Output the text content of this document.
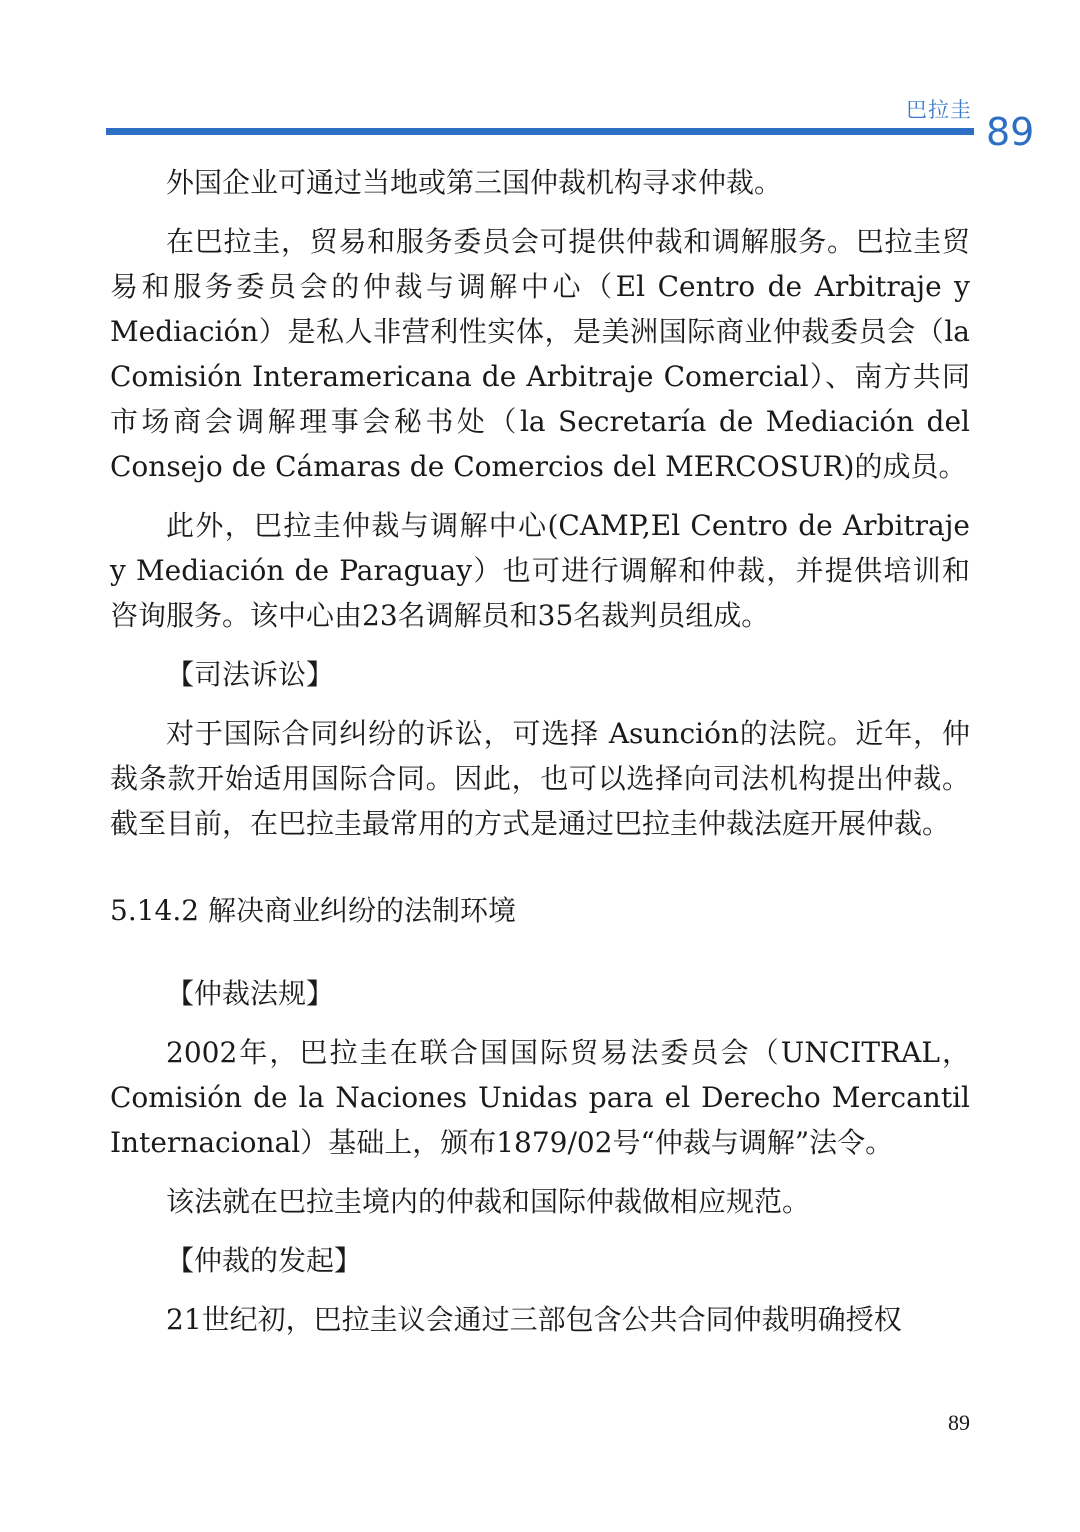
巴拉圭 89

外国企业可通过当地或第三国仲裁机构寻求仲裁。

在巴拉圭，贸易和服务委员会可提供仲裁和调解服务。巴拉圭贸易和服务委员会的仲裁与调解中心（El Centro de Arbitraje y Mediación）是私人非营利性实体，是美洲国际商业仲裁委员会（la Comisión Interamericana de Arbitraje Comercial）、南方共同市场商会调解理事会秘书处（la Secretaría de Mediación del Consejo de Cámaras de Comercios del MERCOSUR)的成员。

此外，巴拉圭仲裁与调解中心(CAMP,El Centro de Arbitraje y Mediación de Paraguay）也可进行调解和仲裁，并提供培训和咨询服务。该中心由23名调解员和35名裁判员组成。

【司法诉讼】

对于国际合同纠纷的诉讼，可选择 Asunción的法院。近年，仲裁条款开始适用国际合同。因此，也可以选择向司法机构提出仲裁。截至目前，在巴拉圭最常用的方式是通过巴拉圭仲裁法庭开展仲裁。

5.14.2 解决商业纠纷的法制环境

【仲裁法规】

2002年，巴拉圭在联合国国际贸易法委员会（UNCITRAL，Comisión de la Naciones Unidas para el Derecho Mercantil Internacional）基础上，颁布1879/02号“仲裁与调解”法令。

该法就在巴拉圭境内的仲裁和国际仲裁做相应规范。

【仲裁的发起】

21世纪初，巴拉圭议会通过三部包含公共合同仲裁明确授权

89
